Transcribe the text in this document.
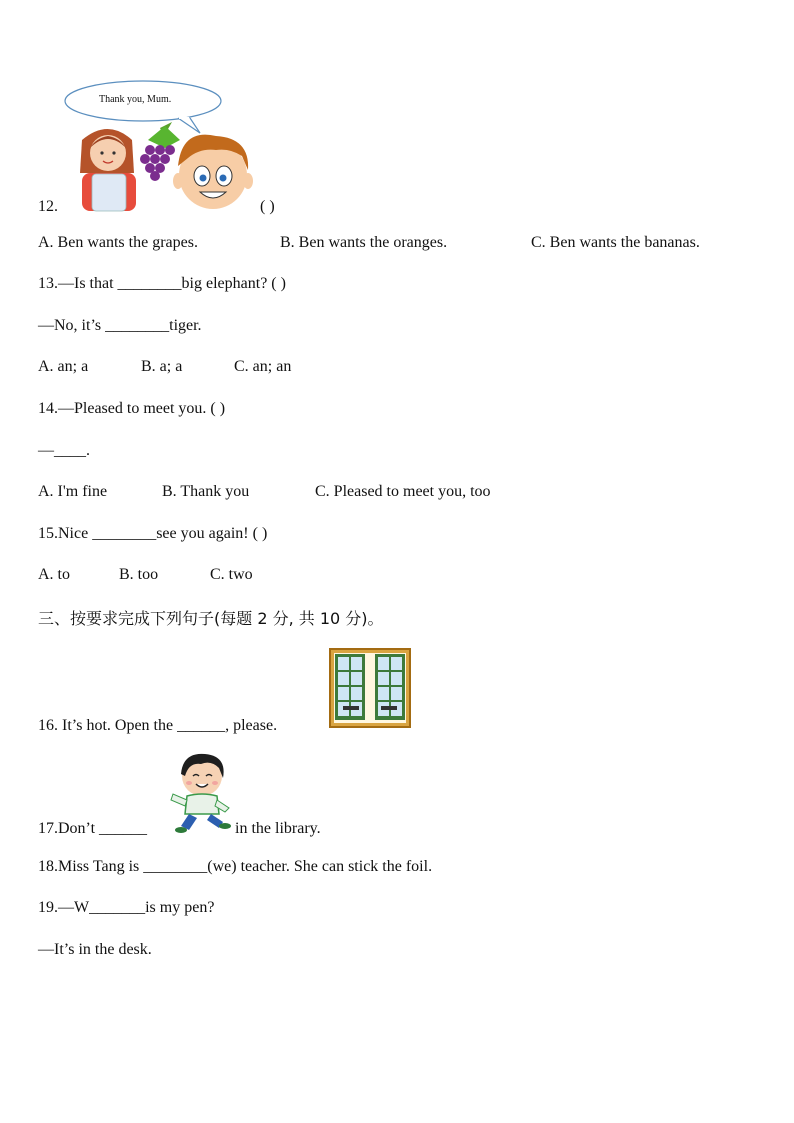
Thank you, Mum.
12.	( )
A. Ben wants the grapes.	B. Ben wants the oranges.	C. Ben wants the bananas.
13.—Is that ________big elephant? ( )
—No, it’s ________tiger.
A. an; a	B. a; a	C. an; an
14.—Pleased to meet you. ( )
—____.
A. I'm fine	B. Thank you	C. Pleased to meet you, too
15.Nice ________see you again! ( )
A. to	B. too	C. two
三、按要求完成下列句子(每题 2 分, 共 10 分)。
16. It’s hot. Open the ______, please.
17.Don’t ______	in the library.
18.Miss Tang is ________(we) teacher. She can stick the foil.
19.—W_______is my pen?
—It’s in the desk.
